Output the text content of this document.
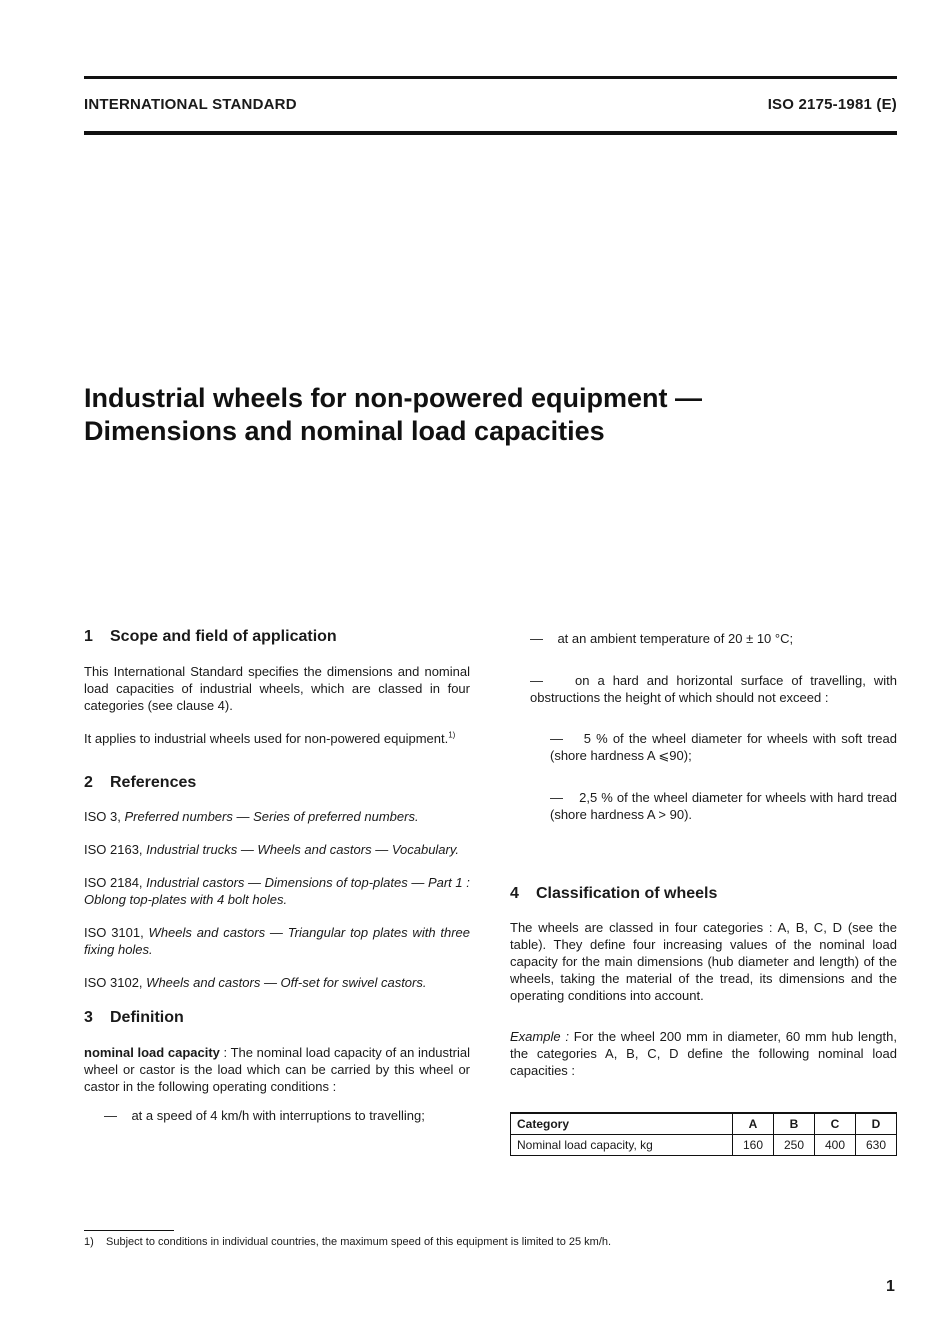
INTERNATIONAL STANDARD	ISO 2175-1981 (E)
Industrial wheels for non-powered equipment —
Dimensions and nominal load capacities
1 Scope and field of application

This International Standard specifies the dimensions and nominal load capacities of industrial wheels, which are classed in four categories (see clause 4).

It applies to industrial wheels used for non-powered equipment.$^{1)}$

2 References

ISO 3, Preferred numbers — Series of preferred numbers.

ISO 2163, Industrial trucks — Wheels and castors — Vocabulary.

ISO 2184, Industrial castors — Dimensions of top-plates — Part 1 : Oblong top-plates with 4 bolt holes.

ISO 3101, Wheels and castors — Triangular top plates with three fixing holes.

ISO 3102, Wheels and castors — Off-set for swivel castors.

3 Definition

nominal load capacity : The nominal load capacity of an industrial wheel or castor is the load which can be carried by this wheel or castor in the following operating conditions :

— at a speed of 4 km/h with interruptions to travelling;

— at an ambient temperature of 20 ± 10 °C;

— on a hard and horizontal surface of travelling, with obstructions the height of which should not exceed :

— 5 % of the wheel diameter for wheels with soft tread (shore hardness A ⩽90);

— 2,5 % of the wheel diameter for wheels with hard tread (shore hardness A > 90).

4 Classification of wheels

The wheels are classed in four categories : A, B, C, D (see the table). They define four increasing values of the nominal load capacity for the main dimensions (hub diameter and length) of the wheels, taking the material of the tread, its dimensions and the operating conditions into account.

Example : For the wheel 200 mm in diameter, 60 mm hub length, the categories A, B, C, D define the following nominal load capacities :

Category	A	B	C	D
Nominal load capacity, kg	160	250	400	630
1) Subject to conditions in individual countries, the maximum speed of this equipment is limited to 25 km/h.
1
